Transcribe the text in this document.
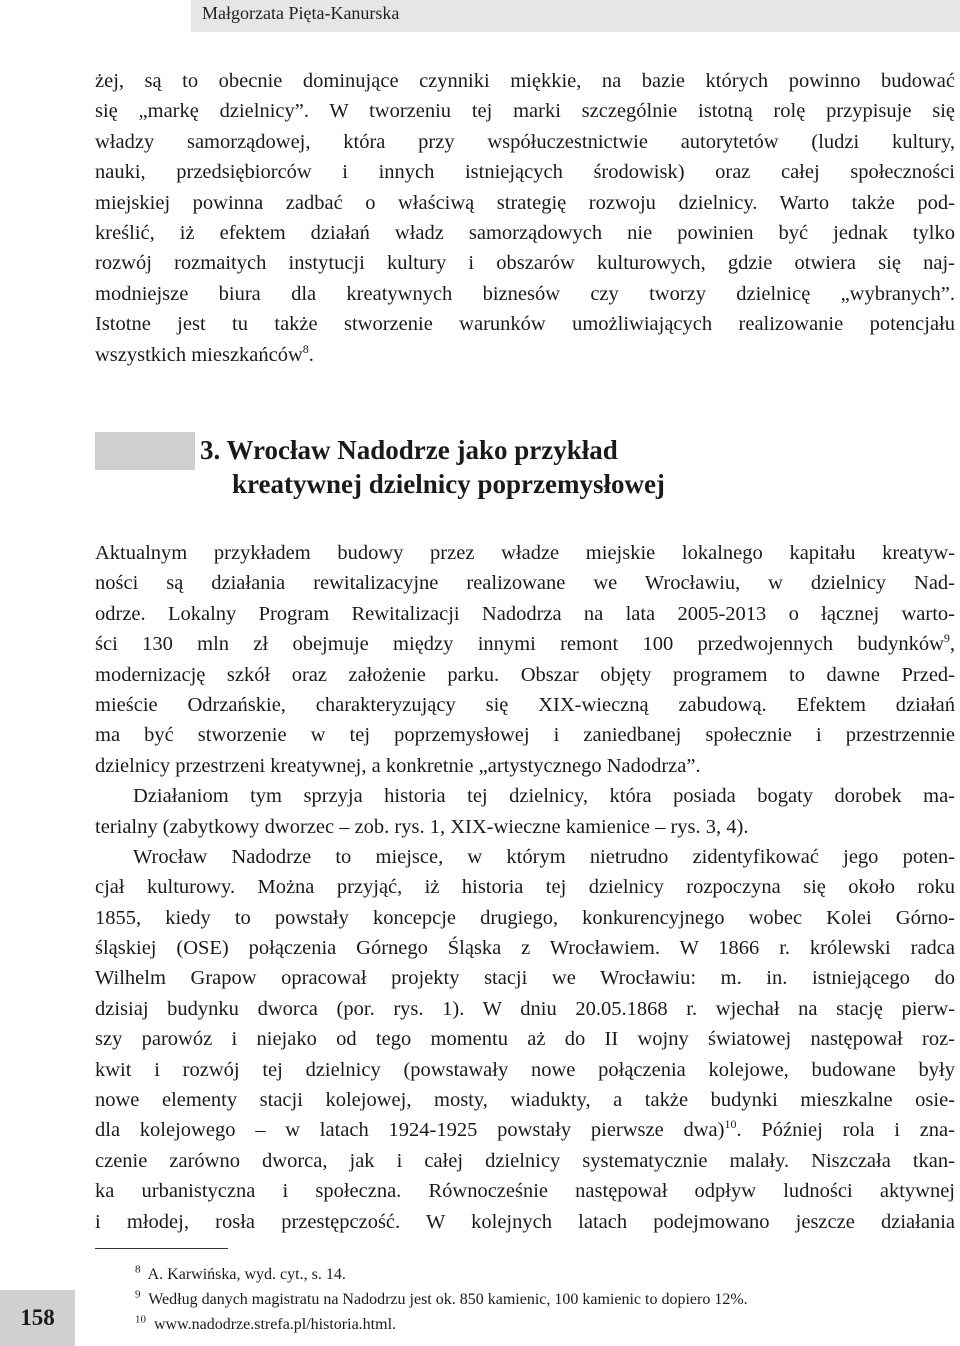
Małgorzata Pięta-Kanurska
żej, są to obecnie dominujące czynniki miękkie, na bazie których powinno budować
się „markę dzielnicy”. W tworzeniu tej marki szczególnie istotną rolę przypisuje się
władzy samorządowej, która przy współuczestnictwie autorytetów (ludzi kultury,
nauki, przedsiębiorców i innych istniejących środowisk) oraz całej społeczności
miejskiej powinna zadbać o właściwą strategię rozwoju dzielnicy. Warto także pod-
kreślić, iż efektem działań władz samorządowych nie powinien być jednak tylko
rozwój rozmaitych instytucji kultury i obszarów kulturowych, gdzie otwiera się naj-
modniejsze biura dla kreatywnych biznesów czy tworzy dzielnicę „wybranych”.
Istotne jest tu także stworzenie warunków umożliwiających realizowanie potencjału
wszystkich mieszkańców$^8$.
3. Wrocław Nadodrze jako przykład
kreatywnej dzielnicy poprzemysłowej
Aktualnym przykładem budowy przez władze miejskie lokalnego kapitału kreatyw-
ności są działania rewitalizacyjne realizowane we Wrocławiu, w dzielnicy Nad-
odrze. Lokalny Program Rewitalizacji Nadodrza na lata 2005-2013 o łącznej warto-
ści 130 mln zł obejmuje między innymi remont 100 przedwojennych budynków$^9$,
modernizację szkół oraz założenie parku. Obszar objęty programem to dawne Przed-
mieście Odrzańskie, charakteryzujący się XIX-wieczną zabudową. Efektem działań
ma być stworzenie w tej poprzemysłowej i zaniedbanej społecznie i przestrzennie
dzielnicy przestrzeni kreatywnej, a konkretnie „artystycznego Nadodrza”.
Działaniom tym sprzyja historia tej dzielnicy, która posiada bogaty dorobek ma-
terialny (zabytkowy dworzec – zob. rys. 1, XIX-wieczne kamienice – rys. 3, 4).
Wrocław Nadodrze to miejsce, w którym nietrudno zidentyfikować jego poten-
cjał kulturowy. Można przyjąć, iż historia tej dzielnicy rozpoczyna się około roku
1855, kiedy to powstały koncepcje drugiego, konkurencyjnego wobec Kolei Górno-
śląskiej (OSE) połączenia Górnego Śląska z Wrocławiem. W 1866 r. królewski radca
Wilhelm Grapow opracował projekty stacji we Wrocławiu: m. in. istniejącego do
dzisiaj budynku dworca (por. rys. 1). W dniu 20.05.1868 r. wjechał na stację pierw-
szy parowóz i niejako od tego momentu aż do II wojny światowej następował roz-
kwit i rozwój tej dzielnicy (powstawały nowe połączenia kolejowe, budowane były
nowe elementy stacji kolejowej, mosty, wiadukty, a także budynki mieszkalne osie-
dla kolejowego – w latach 1924-1925 powstały pierwsze dwa)$^{10}$. Później rola i zna-
czenie zarówno dworca, jak i całej dzielnicy systematycznie malały. Niszczała tkan-
ka urbanistyczna i społeczna. Równocześnie następował odpływ ludności aktywnej
i młodej, rosła przestępczość. W kolejnych latach podejmowano jeszcze działania
$^8$ A. Karwińska, wyd. cyt., s. 14.
$^9$ Według danych magistratu na Nadodrzu jest ok. 850 kamienic, 100 kamienic to dopiero 12%.
$^{10}$ www.nadodrze.strefa.pl/historia.html.
158
